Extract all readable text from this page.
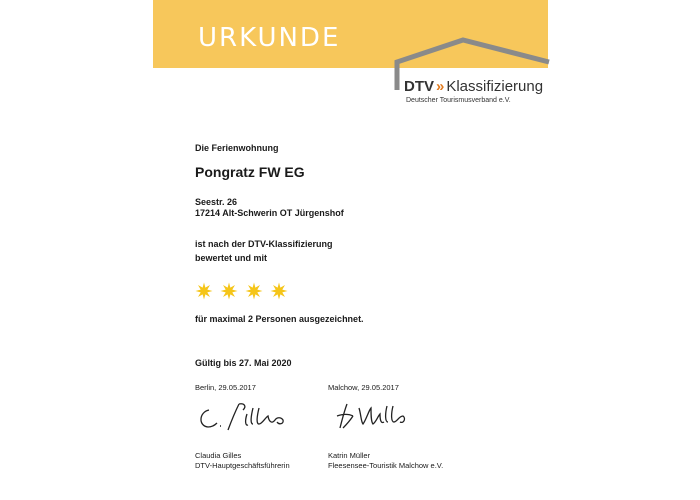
URKUNDE
DTV » Klassifizierung
Deutscher Tourismusverband e.V.
Die Ferienwohnung
Pongratz FW EG
Seestr. 26
17214 Alt-Schwerin OT Jürgenshof
ist nach der DTV-Klassifizierung
bewertet und mit
für maximal 2 Personen ausgezeichnet.
Gültig bis 27. Mai 2020
Berlin, 29.05.2017	Malchow, 29.05.2017
Claudia Gilles
DTV-Hauptgeschäftsführerin
Katrin Müller
Fleesensee-Touristik Malchow e.V.
